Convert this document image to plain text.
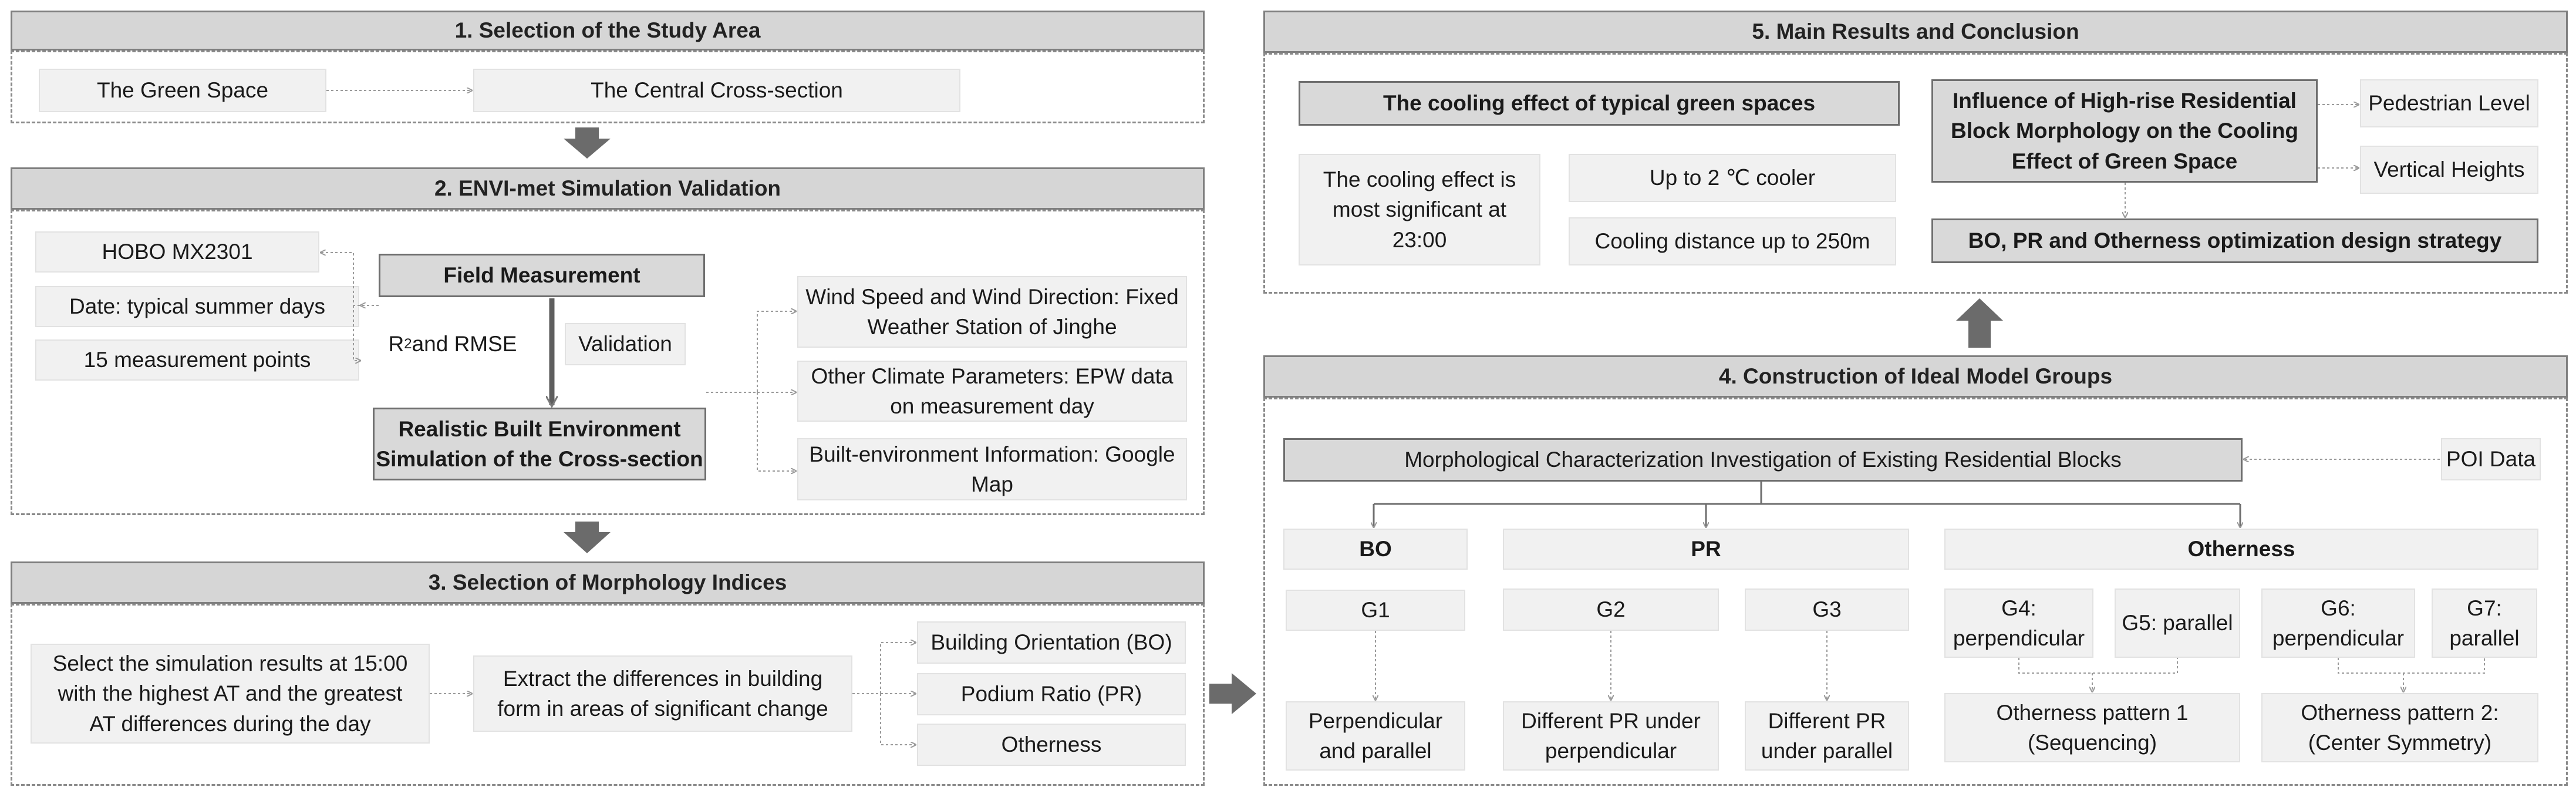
1. Selection of the Study Area
The Green Space	The Central Cross-section
2. ENVI-met Simulation Validation
HOBO MX2301
Date: typical summer days
15 measurement points
Field Measurement
R 2 and RMSE	Validation
Realistic Built Environment Simulation of the Cross-section
Wind Speed and Wind Direction: Fixed Weather Station of Jinghe
Other Climate Parameters: EPW data on measurement day
Built-environment Information: Google Map
3. Selection of Morphology Indices
Select the simulation results at 15:00 with the highest AT and the greatest AT differences during the day
Extract the differences in building form in areas of significant change
Building Orientation (BO)
Podium Ratio (PR)
Otherness
5. Main Results and Conclusion
The cooling effect of typical green spaces
The cooling effect is most significant at 23:00
Up to 2 ℃ cooler
Cooling distance up to 250m
Influence of High-rise Residential Block Morphology on the Cooling Effect of Green Space
Pedestrian Level
Vertical Heights
BO, PR and Otherness optimization design strategy
4. Construction of Ideal Model Groups
Morphological Characterization Investigation of Existing Residential Blocks	POI Data
BO	PR	Otherness
G1	G2	G3	G4: perpendicular
G5: parallel
G6: perpendicular
G7: parallel
Perpendicular and parallel
Different PR under perpendicular
Different PR under parallel
Otherness pattern 1 (Sequencing)
Otherness pattern 2: (Center Symmetry)
